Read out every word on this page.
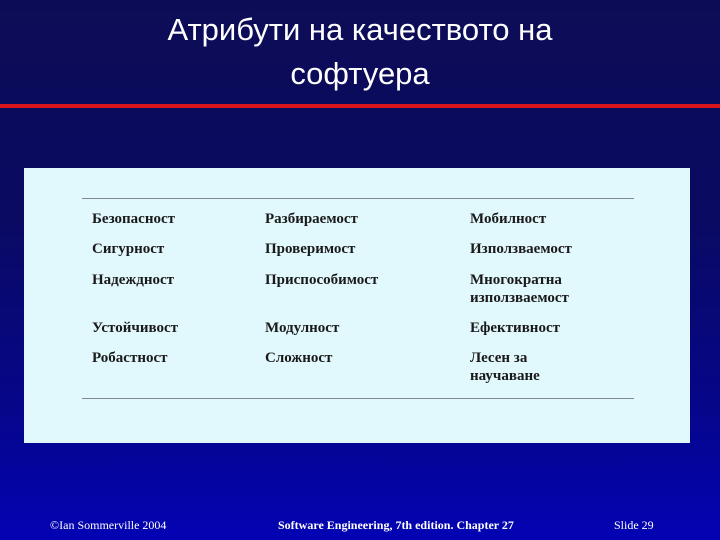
Атрибути на качеството на
софтуера
Безопасност	Разбираемост	Мобилност
Сигурност	Проверимост	Използваемост
Надеждност	Приспособимост	Многократна
използваемост
Устойчивост	Модулност	Ефективност
Робастност	Сложност	Лесен за
научаване
©Ian Sommerville 2004	Software Engineering, 7th edition. Chapter 27	Slide 29
